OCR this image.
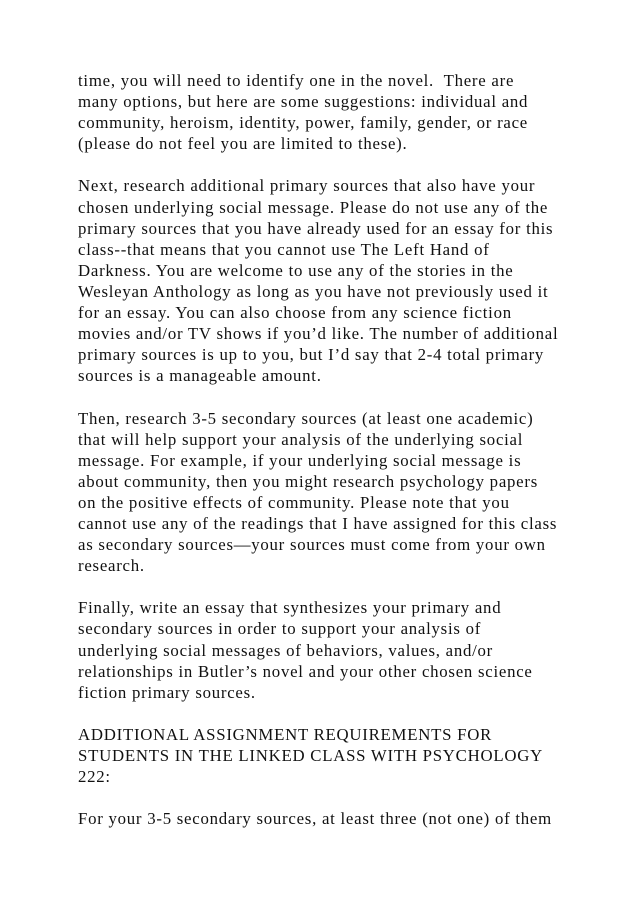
time, you will need to identify one in the novel.  There are
many options, but here are some suggestions: individual and
community, heroism, identity, power, family, gender, or race
(please do not feel you are limited to these).
Next, research additional primary sources that also have your
chosen underlying social message. Please do not use any of the
primary sources that you have already used for an essay for this
class--that means that you cannot use The Left Hand of
Darkness. You are welcome to use any of the stories in the
Wesleyan Anthology as long as you have not previously used it
for an essay. You can also choose from any science fiction
movies and/or TV shows if you’d like. The number of additional
primary sources is up to you, but I’d say that 2-4 total primary
sources is a manageable amount.
Then, research 3-5 secondary sources (at least one academic)
that will help support your analysis of the underlying social
message. For example, if your underlying social message is
about community, then you might research psychology papers
on the positive effects of community. Please note that you
cannot use any of the readings that I have assigned for this class
as secondary sources—your sources must come from your own
research.
Finally, write an essay that synthesizes your primary and
secondary sources in order to support your analysis of
underlying social messages of behaviors, values, and/or
relationships in Butler’s novel and your other chosen science
fiction primary sources.
ADDITIONAL ASSIGNMENT REQUIREMENTS FOR
STUDENTS IN THE LINKED CLASS WITH PSYCHOLOGY
222:
For your 3-5 secondary sources, at least three (not one) of them
